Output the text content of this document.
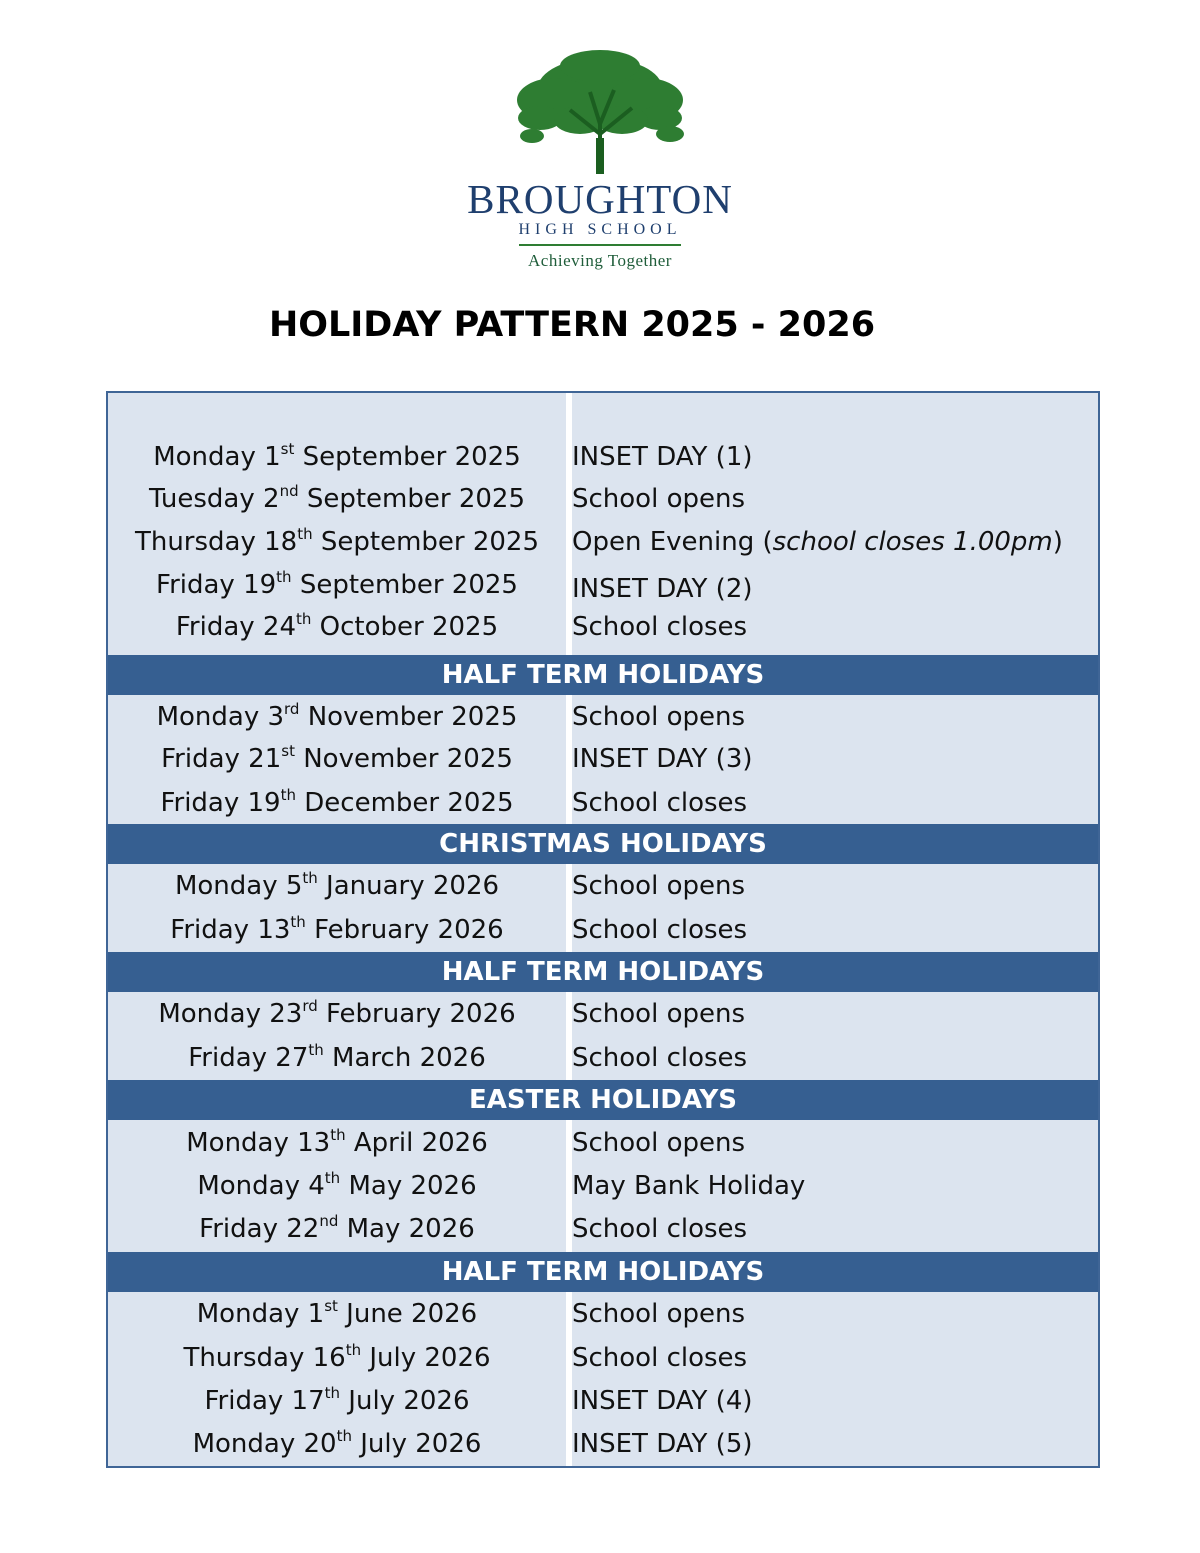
BROUGHTON
HIGH SCHOOL
Achieving Together
HOLIDAY PATTERN 2025 - 2026
Monday 1st September 2025	INSET DAY (1)
Tuesday 2nd September 2025	School opens
Thursday 18th September 2025	Open Evening (school closes 1.00pm)
Friday 19th September 2025	INSET DAY (2)
Friday 24th October 2025	School closes
HALF TERM HOLIDAYS
Monday 3rd November 2025	School opens
Friday 21st November 2025	INSET DAY (3)
Friday 19th December 2025	School closes
CHRISTMAS HOLIDAYS
Monday 5th January 2026	School opens
Friday 13th February 2026	School closes
HALF TERM HOLIDAYS
Monday 23rd February 2026	School opens
Friday 27th March 2026	School closes
EASTER HOLIDAYS
Monday 13th April 2026	School opens
Monday 4th May 2026	May Bank Holiday
Friday 22nd May 2026	School closes
HALF TERM HOLIDAYS
Monday 1st June 2026	School opens
Thursday 16th July 2026	School closes
Friday 17th July 2026	INSET DAY (4)
Monday 20th July 2026	INSET DAY (5)
